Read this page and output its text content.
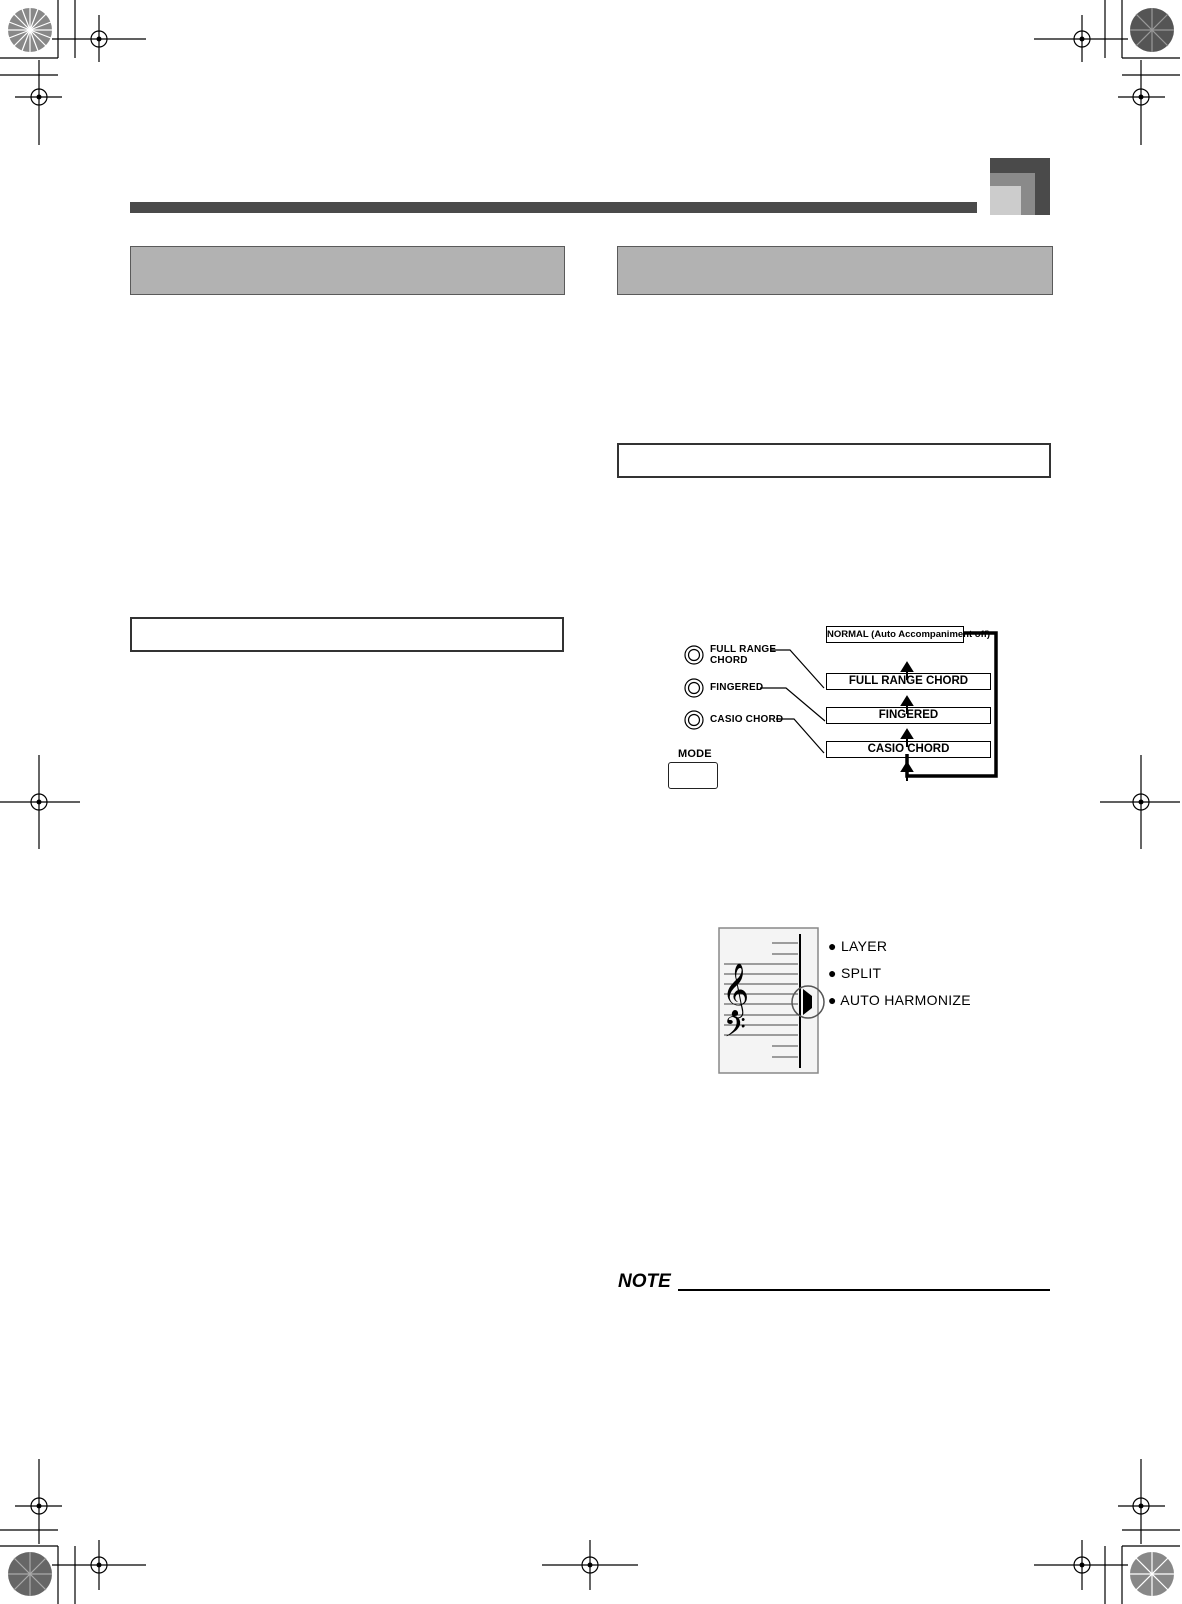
FULL RANGE
CHORD
FINGERED
CASIO CHORD
MODE
NORMAL (Auto Accompaniment off)
FULL RANGE CHORD
FINGERED
CASIO CHORD
𝄞
𝄢
● LAYER
● SPLIT
● AUTO HARMONIZE
NOTE
